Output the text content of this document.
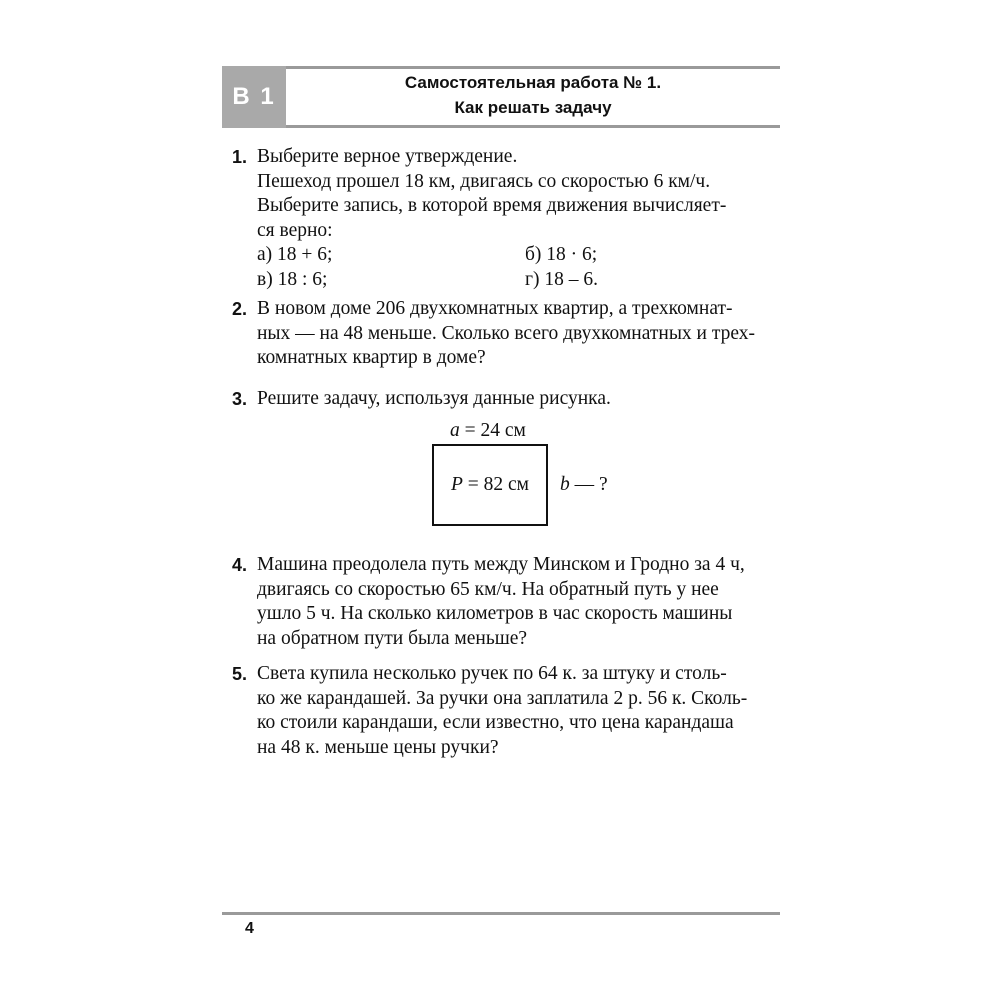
В 1
Самостоятельная работа № 1.
Как решать задачу
1. Выберите верное утверждение.
Пешеход прошел 18 км, двигаясь со скоростью 6 км/ч.
Выберите запись, в которой время движения вычисляет-
ся верно:
а) 18 + 6;	б) 18 · 6;
в) 18 : 6;	г) 18 – 6.
2. В новом доме 206 двухкомнатных квартир, а трехкомнат-
ных — на 48 меньше. Сколько всего двухкомнатных и трех-
комнатных квартир в доме?
3. Решите задачу, используя данные рисунка.
a = 24 см
P = 82 см	b — ?
4. Машина преодолела путь между Минском и Гродно за 4 ч,
двигаясь со скоростью 65 км/ч. На обратный путь у нее
ушло 5 ч. На сколько километров в час скорость машины
на обратном пути была меньше?
5. Света купила несколько ручек по 64 к. за штуку и столь-
ко же карандашей. За ручки она заплатила 2 р. 56 к. Сколь-
ко стоили карандаши, если известно, что цена карандаша
на 48 к. меньше цены ручки?
4
